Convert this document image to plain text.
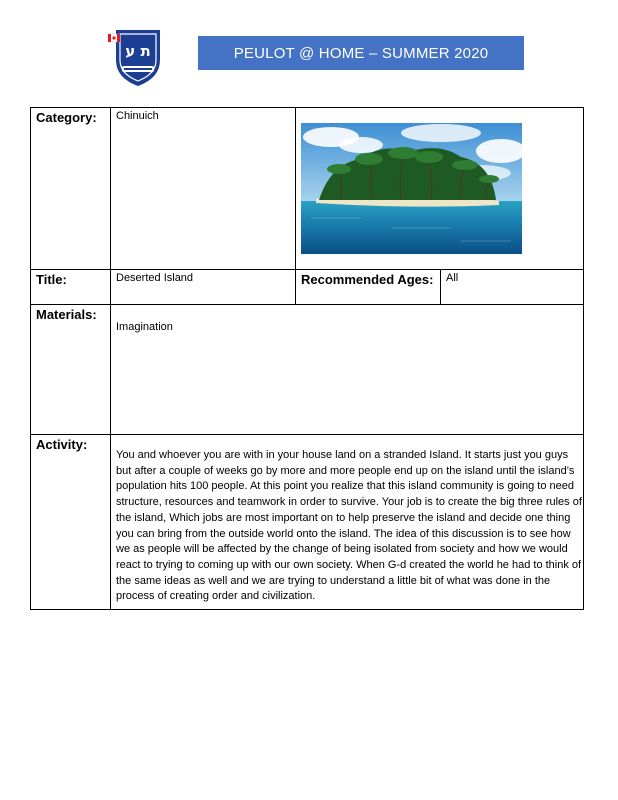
ת ע	PEULOT @ HOME – SUMMER 2020
Category:	Chinuich	

Title:	Deserted Island	Recommended Ages:	All
Materials:	Imagination		
Activity:	You and whoever you are with in your house land on a stranded Island. It starts just you guys but after a couple of weeks go by more and more people end up on the island until the island’s population hits 100 people. At this point you realize that this island community is going to need structure, resources and teamwork in order to survive. Your job is to create the big three rules of the island, Which jobs are most important on to help preserve the island and decide one thing you can bring from the outside world onto the island. The idea of this discussion is to see how we as people will be affected by the change of being isolated from society and how we would react to trying to coming up with our own society. When G-d created the world he had to think of the same ideas as well and we are trying to understand a little bit of what was done in the process of creating order and civilization.		
